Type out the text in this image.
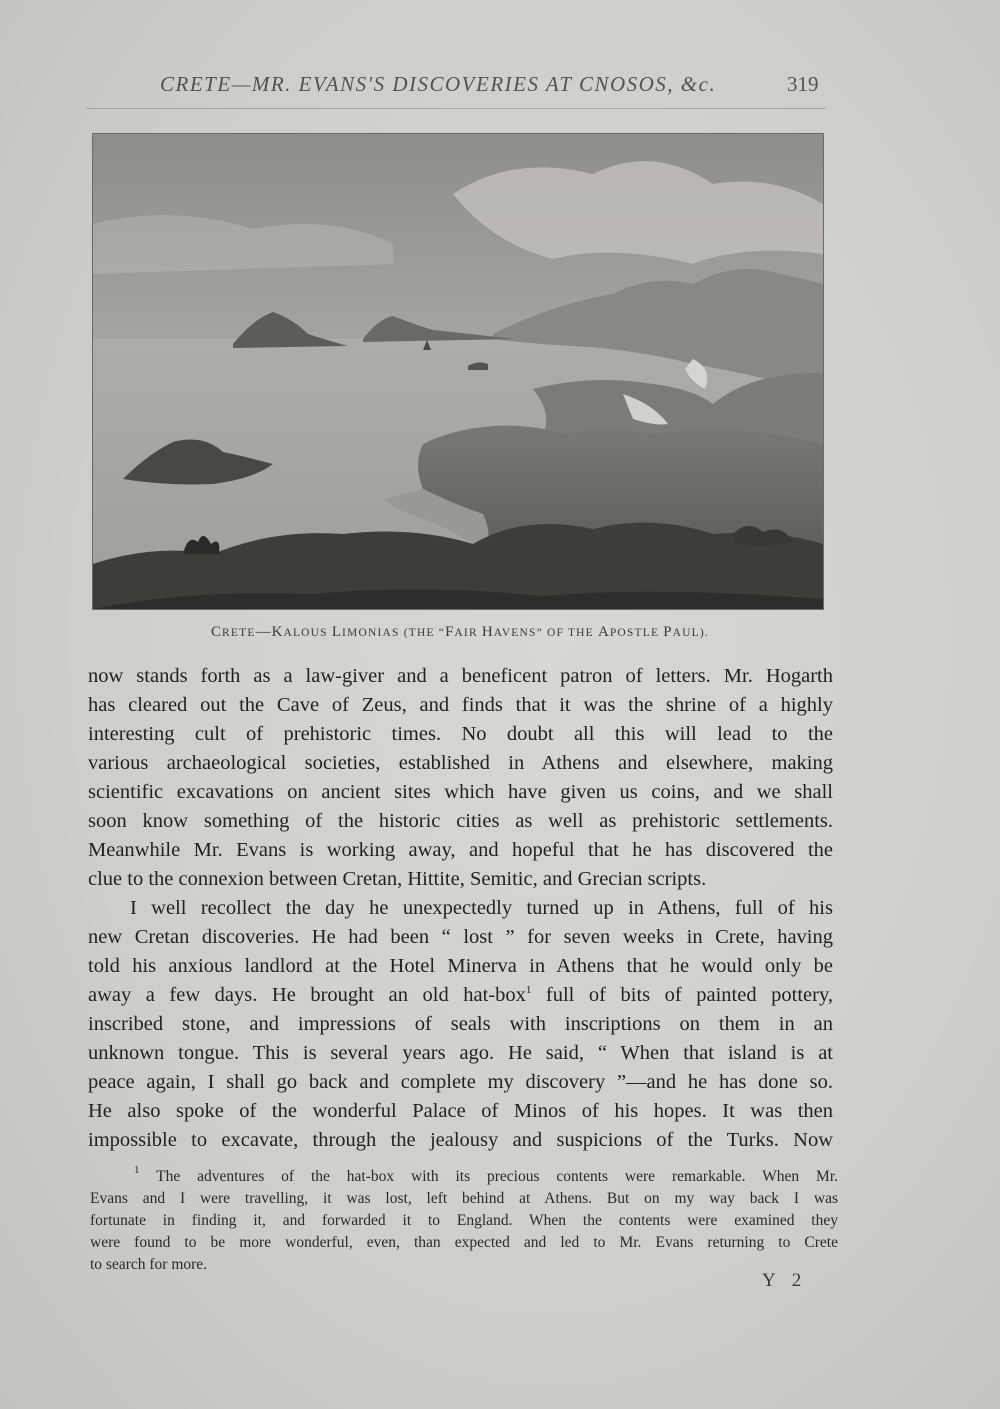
CRETE—MR. EVANS'S DISCOVERIES AT CNOSOS, &c.	319
CRETE—KALOUS LIMONIAS (THE “FAIR HAVENS” OF THE APOSTLE PAUL).
now stands forth as a law-giver and a beneficent patron of letters. Mr. Hogarth
has cleared out the Cave of Zeus, and finds that it was the shrine of a highly
interesting cult of prehistoric times. No doubt all this will lead to the
various archaeological societies, established in Athens and elsewhere, making
scientific excavations on ancient sites which have given us coins, and we shall
soon know something of the historic cities as well as prehistoric settlements.
Meanwhile Mr. Evans is working away, and hopeful that he has discovered the
clue to the connexion between Cretan, Hittite, Semitic, and Grecian scripts.
I well recollect the day he unexpectedly turned up in Athens, full of his
new Cretan discoveries. He had been “ lost ” for seven weeks in Crete, having
told his anxious landlord at the Hotel Minerva in Athens that he would only be
away a few days. He brought an old hat-box$^1$ full of bits of painted pottery,
inscribed stone, and impressions of seals with inscriptions on them in an
unknown tongue. This is several years ago. He said, “ When that island is at
peace again, I shall go back and complete my discovery ”—and he has done so.
He also spoke of the wonderful Palace of Minos of his hopes. It was then
impossible to excavate, through the jealousy and suspicions of the Turks. Now
$^1$ The adventures of the hat-box with its precious contents were remarkable. When Mr.
Evans and I were travelling, it was lost, left behind at Athens. But on my way back I was
fortunate in finding it, and forwarded it to England. When the contents were examined they
were found to be more wonderful, even, than expected and led to Mr. Evans returning to Crete
to search for more.
Y 2
